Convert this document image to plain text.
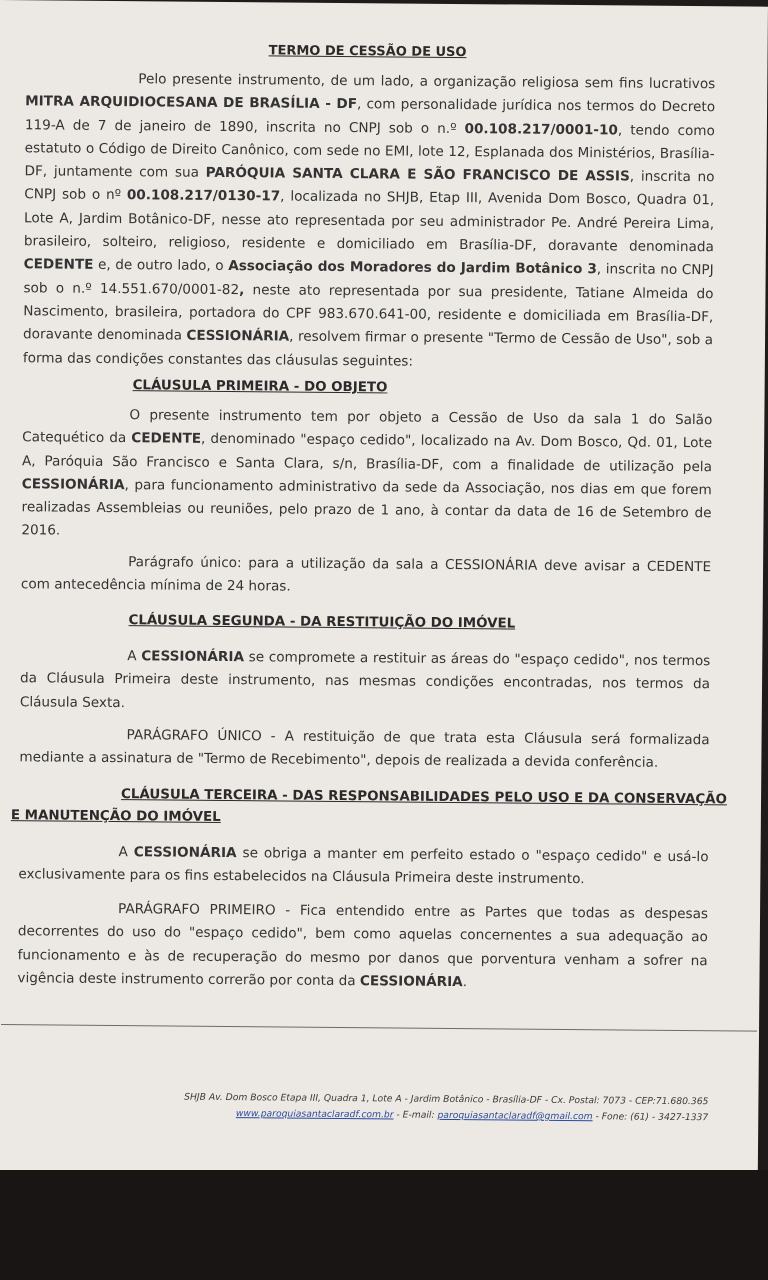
TERMO DE CESSÃO DE USO

Pelo presente instrumento, de um lado, a organização religiosa sem fins lucrativos MITRA ARQUIDIOCESANA DE BRASÍLIA - DF, com personalidade jurídica nos termos do Decreto 119-A de 7 de janeiro de 1890, inscrita no CNPJ sob o n.º 00.108.217/0001-10, tendo como estatuto o Código de Direito Canônico, com sede no EMI, lote 12, Esplanada dos Ministérios, Brasília-DF, juntamente com sua PARÓQUIA SANTA CLARA E SÃO FRANCISCO DE ASSIS, inscrita no CNPJ sob o nº 00.108.217/0130-17, localizada no SHJB, Etap III, Avenida Dom Bosco, Quadra 01, Lote A, Jardim Botânico-DF, nesse ato representada por seu administrador Pe. André Pereira Lima, brasileiro, solteiro, religioso, residente e domiciliado em Brasília-DF, doravante denominada CEDENTE e, de outro lado, o Associação dos Moradores do Jardim Botânico 3, inscrita no CNPJ sob o n.º 14.551.670/0001-82, neste ato representada por sua presidente, Tatiane Almeida do Nascimento, brasileira, portadora do CPF 983.670.641-00, residente e domiciliada em Brasília-DF, doravante denominada CESSIONÁRIA, resolvem firmar o presente "Termo de Cessão de Uso", sob a forma das condições constantes das cláusulas seguintes:

CLÁUSULA PRIMEIRA - DO OBJETO

O presente instrumento tem por objeto a Cessão de Uso da sala 1 do Salão Catequético da CEDENTE, denominado "espaço cedido", localizado na Av. Dom Bosco, Qd. 01, Lote A, Paróquia São Francisco e Santa Clara, s/n, Brasília-DF, com a finalidade de utilização pela CESSIONÁRIA, para funcionamento administrativo da sede da Associação, nos dias em que forem realizadas Assembleias ou reuniões, pelo prazo de 1 ano, à contar da data de 16 de Setembro de 2016.

Parágrafo único: para a utilização da sala a CESSIONÁRIA deve avisar a CEDENTE com antecedência mínima de 24 horas.

CLÁUSULA SEGUNDA - DA RESTITUIÇÃO DO IMÓVEL

A CESSIONÁRIA se compromete a restituir as áreas do "espaço cedido", nos termos da Cláusula Primeira deste instrumento, nas mesmas condições encontradas, nos termos da Cláusula Sexta.

PARÁGRAFO ÚNICO - A restituição de que trata esta Cláusula será formalizada mediante a assinatura de "Termo de Recebimento", depois de realizada a devida conferência.

CLÁUSULA TERCEIRA - DAS RESPONSABILIDADES PELO USO E DA CONSERVAÇÃO
E MANUTENÇÃO DO IMÓVEL

A CESSIONÁRIA se obriga a manter em perfeito estado o "espaço cedido" e usá-lo exclusivamente para os fins estabelecidos na Cláusula Primeira deste instrumento.

PARÁGRAFO PRIMEIRO - Fica entendido entre as Partes que todas as despesas decorrentes do uso do "espaço cedido", bem como aquelas concernentes a sua adequação ao funcionamento e às de recuperação do mesmo por danos que porventura venham a sofrer na vigência deste instrumento correrão por conta da CESSIONÁRIA.

SHJB Av. Dom Bosco Etapa III, Quadra 1, Lote A - Jardim Botânico - Brasília-DF - Cx. Postal: 7073 - CEP:71.680.365
www.paroquiasantaclaradf.com.br - E-mail: paroquiasantaclaradf@gmail.com - Fone: (61) - 3427-1337
